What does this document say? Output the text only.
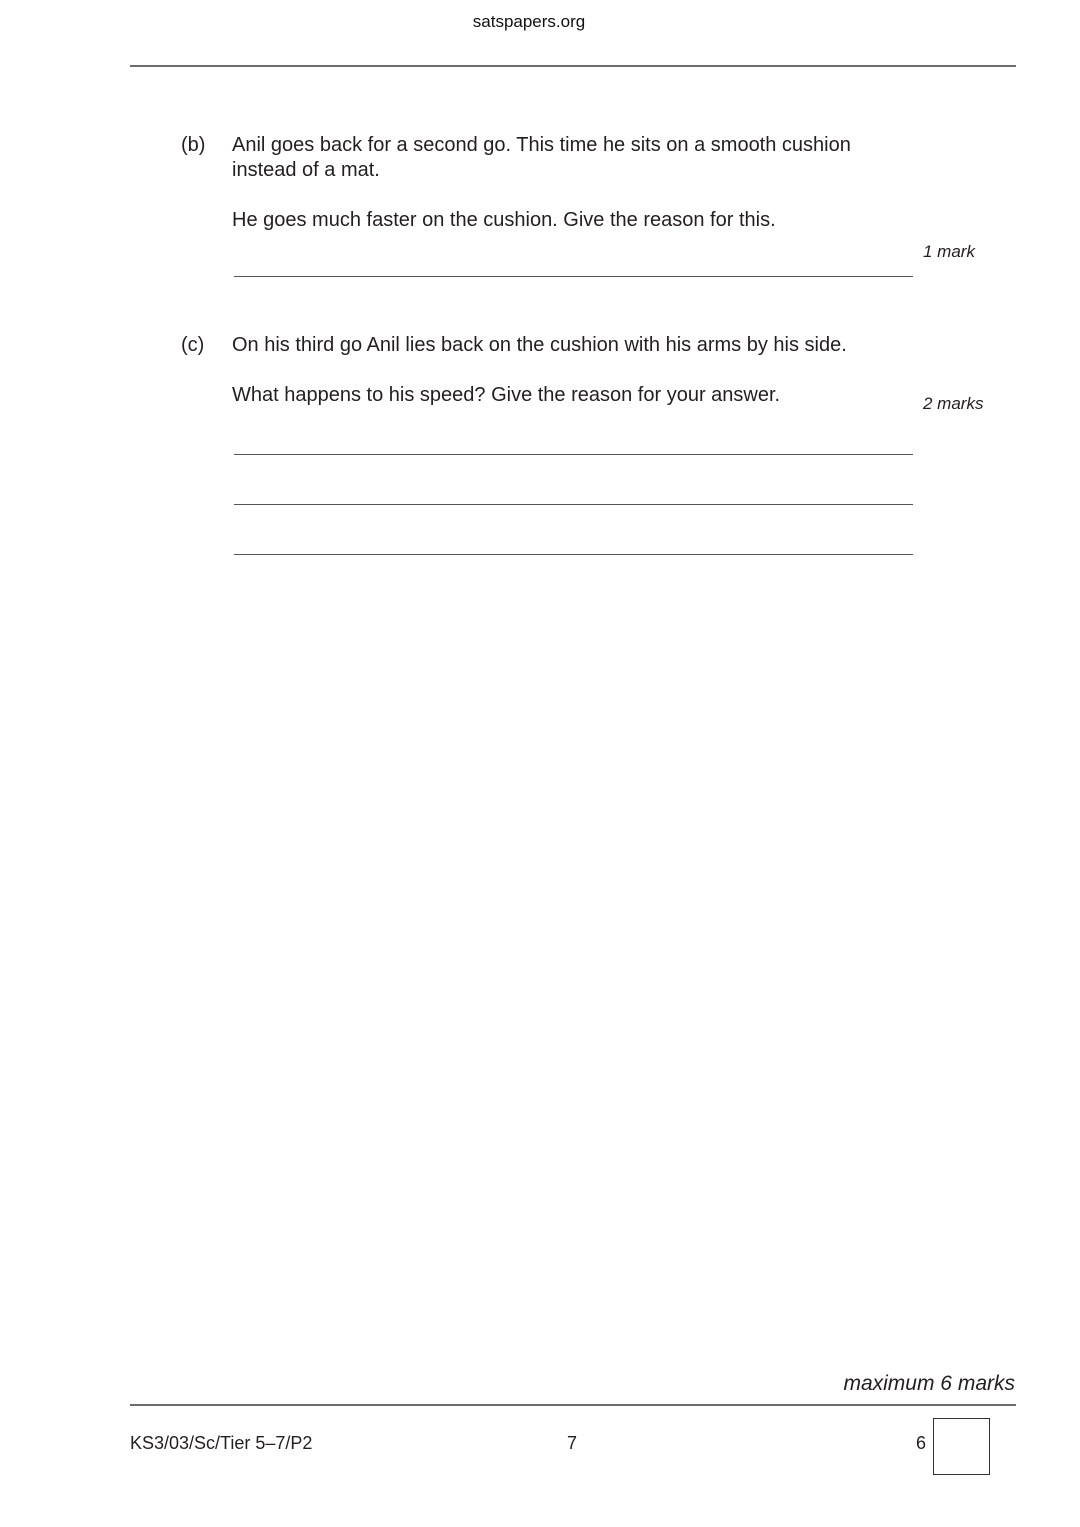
satspapers.org
(b) Anil goes back for a second go. This time he sits on a smooth cushion
instead of a mat.
He goes much faster on the cushion. Give the reason for this.
1 mark
(c) On his third go Anil lies back on the cushion with his arms by his side.
What happens to his speed? Give the reason for your answer.	2 marks
maximum 6 marks
KS3/03/Sc/Tier 5–7/P2	7	6
